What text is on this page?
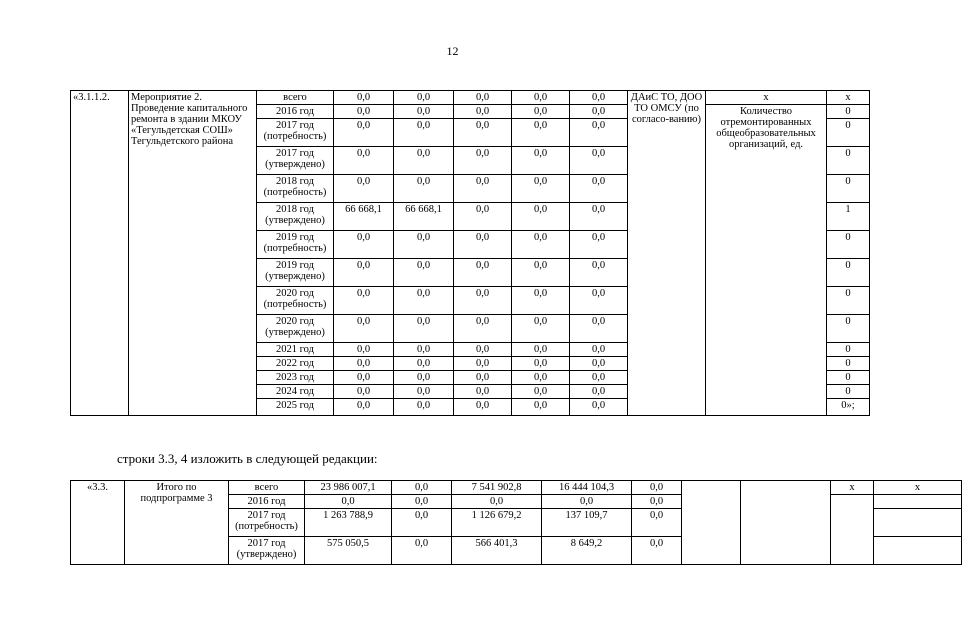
12
«3.1.1.2.	Мероприятие 2. Проведение капитального ремонта в здании МКОУ «Тегульдетская СОШ» Тегульдетского района	всего	0,0	0,0	0,0	0,0	0,0	ДАиС ТО, ДОО ТО ОМСУ (по согласо-ванию)	х	х
		2016 год	0,0	0,0	0,0	0,0	0,0		Количество отремонтированных общеобразовательных организаций, ед.	0
		2017 год (потребность)	0,0	0,0	0,0	0,0	0,0			0
		2017 год (утверждено)	0,0	0,0	0,0	0,0	0,0			0
		2018 год (потребность)	0,0	0,0	0,0	0,0	0,0			0
		2018 год (утверждено)	66 668,1	66 668,1	0,0	0,0	0,0			1
		2019 год (потребность)	0,0	0,0	0,0	0,0	0,0			0
		2019 год (утверждено)	0,0	0,0	0,0	0,0	0,0			0
		2020 год (потребность)	0,0	0,0	0,0	0,0	0,0			0
		2020 год (утверждено)	0,0	0,0	0,0	0,0	0,0			0
		2021 год	0,0	0,0	0,0	0,0	0,0			0
		2022 год	0,0	0,0	0,0	0,0	0,0			0
		2023 год	0,0	0,0	0,0	0,0	0,0			0
		2024 год	0,0	0,0	0,0	0,0	0,0			0
		2025 год	0,0	0,0	0,0	0,0	0,0			0»;
строки 3.3, 4 изложить в следующей редакции:
«3.3.	Итого по подпрограмме 3	всего	23 986 007,1	0,0	7 541 902,8	16 444 104,3	0,0			х	х	
		2016 год	0,0	0,0	0,0	0,0	0,0					
		2017 год (потребность)	1 263 788,9	0,0	1 126 679,2	137 109,7	0,0					
		2017 год (утверждено)	575 050,5	0,0	566 401,3	8 649,2	0,0					
